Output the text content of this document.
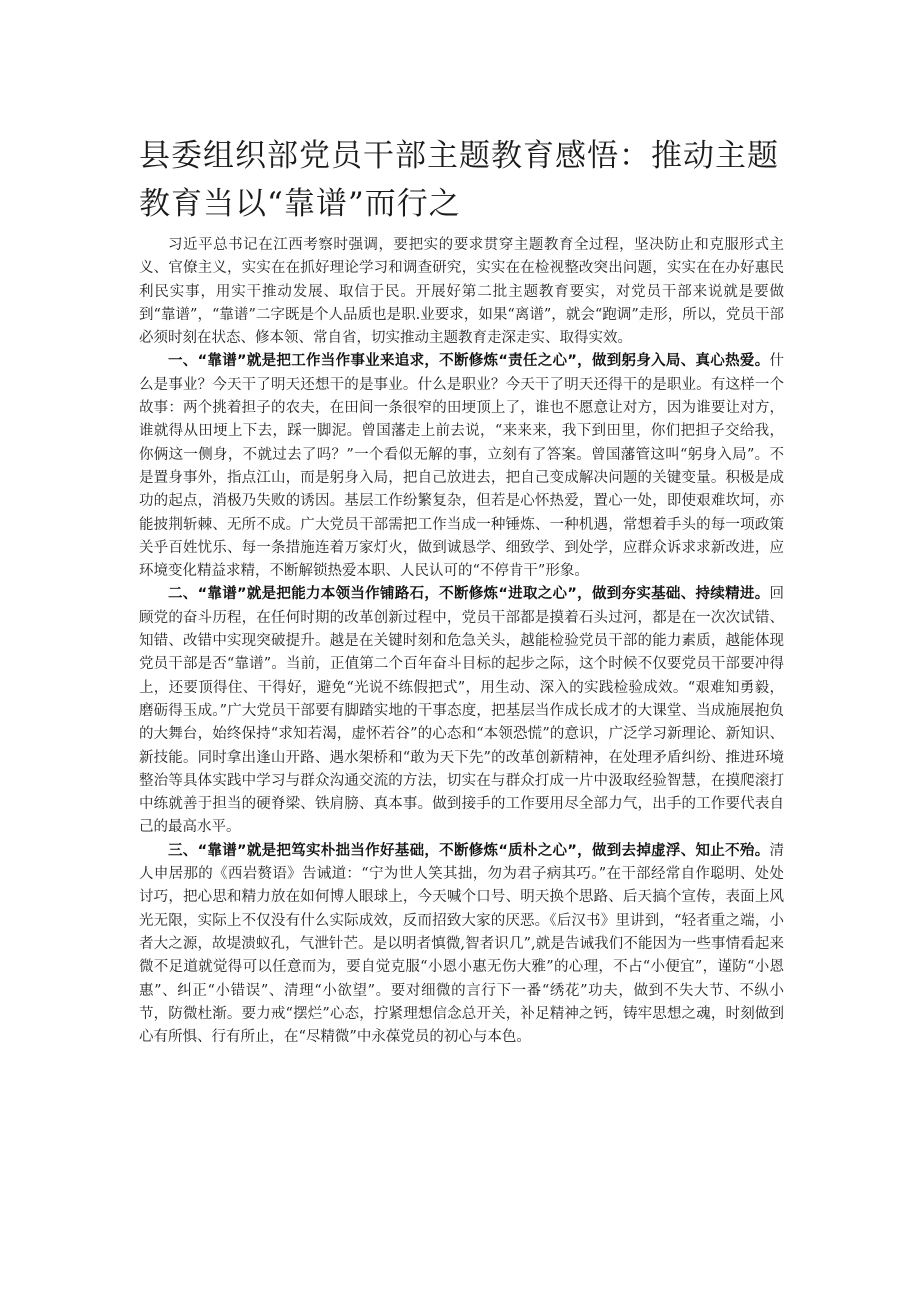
县委组织部党员干部主题教育感悟：推动主题教育当以“靠谱”而行之

习近平总书记在江西考察时强调，要把实的要求贯穿主题教育全过程，坚决防止和克服形式主义、官僚主义，实实在在抓好理论学习和调查研究，实实在在检视整改突出问题，实实在在办好惠民利民实事，用实干推动发展、取信于民。开展好第二批主题教育要实，对党员干部来说就是要做到“靠谱”，“靠谱”二字既是个人品质也是职.业要求，如果“离谱”，就会“跑调”走形，所以，党员干部必须时刻在状态、修本领、常自省，切实推动主题教育走深走实、取得实效。

一、“靠谱”就是把工作当作事业来追求，不断修炼“责任之心”，做到躬身入局、真心热爱。什么是事业？今天干了明天还想干的是事业。什么是职业？今天干了明天还得干的是职业。有这样一个故事：两个挑着担子的农夫，在田间一条很窄的田埂顶上了，谁也不愿意让对方，因为谁要让对方，谁就得从田埂上下去，踩一脚泥。曾国藩走上前去说，“来来来，我下到田里，你们把担子交给我，你俩这一侧身，不就过去了吗？”一个看似无解的事，立刻有了答案。曾国藩管这叫“躬身入局”。不是置身事外，指点江山，而是躬身入局，把自己放进去，把自己变成解决问题的关键变量。积极是成功的起点，消极乃失败的诱因。基层工作纷繁复杂，但若是心怀热爱，置心一处，即使艰难坎坷，亦能披荆斩棘、无所不成。广大党员干部需把工作当成一种锤炼、一种机遇，常想着手头的每一项政策关乎百姓忧乐、每一条措施连着万家灯火，做到诚恳学、细致学、到处学，应群众诉求求新改进，应环境变化精益求精，不断解锁热爱本职、人民认可的“不停肯干”形象。

二、“靠谱”就是把能力本领当作铺路石，不断修炼“进取之心”，做到夯实基础、持续精进。回顾党的奋斗历程，在任何时期的改革创新过程中，党员干部都是摸着石头过河，都是在一次次试错、知错、改错中实现突破提升。越是在关键时刻和危急关头，越能检验党员干部的能力素质，越能体现党员干部是否“靠谱”。当前，正值第二个百年奋斗目标的起步之际，这个时候不仅要党员干部要冲得上，还要顶得住、干得好，避免“光说不练假把式”，用生动、深入的实践检验成效。“艰难知勇毅，磨砺得玉成。”广大党员干部要有脚踏实地的干事态度，把基层当作成长成才的大课堂、当成施展抱负的大舞台，始终保持“求知若渴，虚怀若谷”的心态和“本领恐慌”的意识，广泛学习新理论、新知识、新技能。同时拿出逢山开路、遇水架桥和“敢为天下先”的改革创新精神，在处理矛盾纠纷、推进环境整治等具体实践中学习与群众沟通交流的方法，切实在与群众打成一片中汲取经验智慧，在摸爬滚打中练就善于担当的硬脊梁、铁肩膀、真本事。做到接手的工作要用尽全部力气，出手的工作要代表自己的最高水平。

三、“靠谱”就是把笃实朴拙当作好基础，不断修炼“质朴之心”，做到去掉虚浮、知止不殆。清人申居那的《西岩赘语》告诫道：“宁为世人笑其拙，勿为君子病其巧。”在干部经常自作聪明、处处讨巧，把心思和精力放在如何博人眼球上，今天喊个口号、明天换个思路、后天搞个宣传，表面上风光无限，实际上不仅没有什么实际成效，反而招致大家的厌恶。《后汉书》里讲到，“轻者重之端，小者大之源，故堤溃蚁孔，气泄针芒。是以明者慎微,智者识几”,就是告诫我们不能因为一些事情看起来微不足道就觉得可以任意而为，要自觉克服“小恩小惠无伤大雅”的心理，不占“小便宜”，谨防“小恩惠”、纠正“小错误”、清理“小欲望”。要对细微的言行下一番“绣花”功夫，做到不失大节、不纵小节，防微杜渐。要力戒“摆烂”心态，拧紧理想信念总开关，补足精神之钙，铸牢思想之魂，时刻做到心有所惧、行有所止，在“尽精微”中永葆党员的初心与本色。
